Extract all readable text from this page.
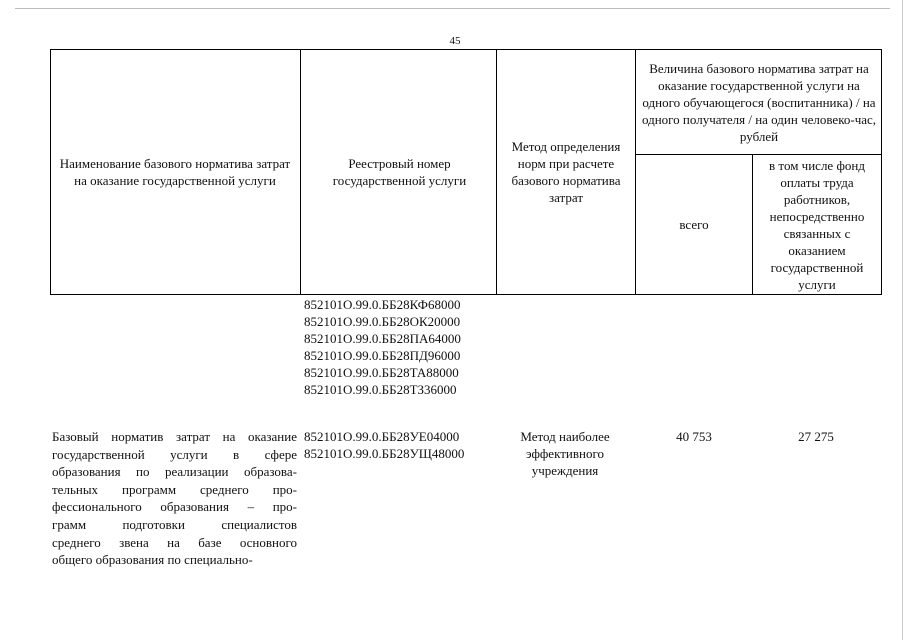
45
Наименование базового норматива затрат на оказание государственной услуги
Реестровый номер государственной услуги
Метод определения норм при расчете базового норматива затрат
Величина базового норматива затрат на оказание государственной услуги на одного обучающегося (воспитанника) / на одного получателя / на один человеко-час, рублей
всего
в том числе фонд оплаты труда работников, непосредственно связанных с оказанием государственной услуги
852101О.99.0.ББ28КФ68000
852101О.99.0.ББ28ОК20000
852101О.99.0.ББ28ПА64000
852101О.99.0.ББ28ПД96000
852101О.99.0.ББ28ТА88000
852101О.99.0.ББ28ТЗ36000
Базовый норматив затрат на оказание
государственной услуги в сфере
образования по реализации образова-
тельных программ среднего про-
фессионального образования – про-
грамм подготовки специалистов
среднего звена на базе основного
общего образования по специально-
852101О.99.0.ББ28УЕ04000
852101О.99.0.ББ28УЩ48000
Метод наиболее эффективного учреждения
40 753	27 275
